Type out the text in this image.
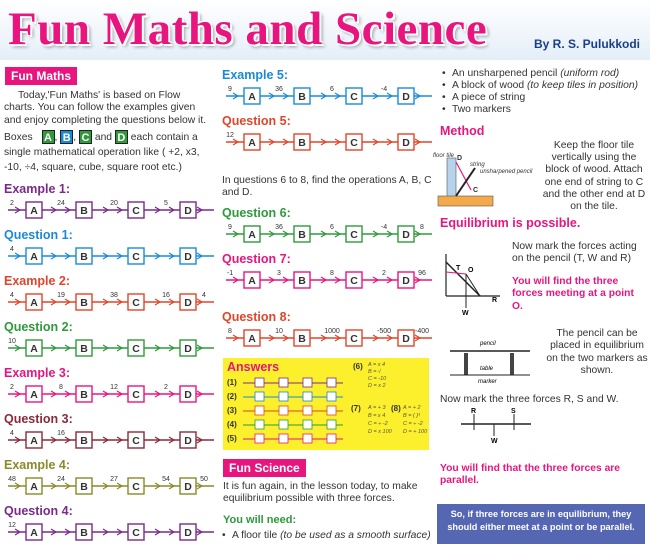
Fun Maths and Science	By R. S. Pulukkodi
Fun Maths
Today,'Fun Maths' is based on Flow charts. You can follow the examples given and enjoy completing the questions below it.
Boxes A , B , C and D each contain a single mathematical operation like ( +2, x3, -10, ÷4, square, cube, square root etc.)
Example 1:
A	B	C	D
2	24	20	5
Question 1:
A	B	C	D
4
Example 2:
A	B	C	D
4	19	38	16	4
Question 2:
A	B	C	D
10
Example 3:
A	B	C	D
2	8	12	2
Question 3:
A	B	C	D
4	16
Example 4:
A	B	C	D
48	24	27	54	50
Question 4:
A	B	C	D
12
Example 5:
A	B	C	D
9	36	6	-4
Question 5:
A	B	C	D
12
Question 6:
A	B	C	D
9	36	6	-4	8
Question 7:
A	B	C	D
-1	3	8	2	96
Question 8:
A	B	C	D
8	10	1000	-500	-400
In questions 6 to 8, find the operations A, B, C and D.
Answers
(1)
(2)
(3)
(4)
(5)
(6) A = x 4
B = √
C = -10
D = x 2
(7) A = + 3
B = x 4
C = ÷ -2
D = x 100
(8) A = + 2
B = ( )³
C = ÷ -2
D = + 100
Fun Science
It is fun again, in the lesson today, to make equilibrium possible with three forces.
You will need:
• A floor tile (to be used as a smooth surface)
• An unsharpened pencil (uniform rod)
• A block of wood (to keep tiles in position)
• A piece of string
• Two markers
Method
Keep the floor tile vertically using the block of wood. Attach one end of string to C and the other end at D on the tile.
floor tile
string
unsharpened pencil
D
C
Equilibrium is possible.
Now mark the forces acting on the pencil (T, W and R)
You will find the three forces meeting at a point O.
T O
W
R
The pencil can be placed in equilibrium on the two markers as shown.
pencil
table
marker
Now mark the three forces R, S and W.
R	S
W
You will find that the three forces are parallel.
So, if three forces are in equilibrium, they should either meet at a point or be parallel.
